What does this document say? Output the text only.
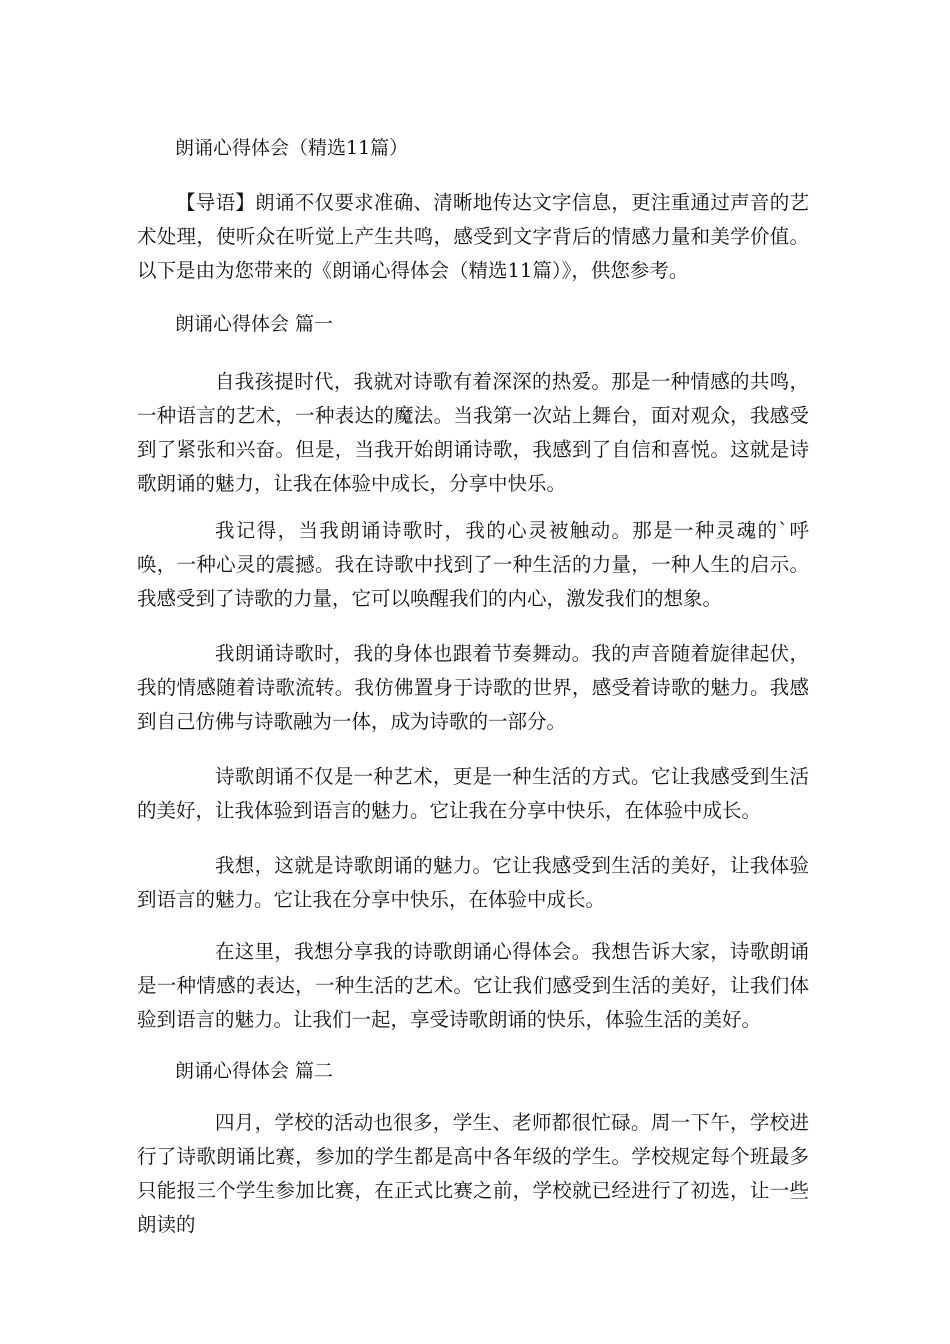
朗诵心得体会（精选11篇）
【导语】朗诵不仅要求准确、清晰地传达文字信息，更注重通过声音的艺术处理，使听众在听觉上产生共鸣，感受到文字背后的情感力量和美学价值。以下是由为您带来的《朗诵心得体会（精选11篇）》，供您参考。
朗诵心得体会 篇一
自我孩提时代，我就对诗歌有着深深的热爱。那是一种情感的共鸣，一种语言的艺术，一种表达的魔法。当我第一次站上舞台，面对观众，我感受到了紧张和兴奋。但是，当我开始朗诵诗歌，我感到了自信和喜悦。这就是诗歌朗诵的魅力，让我在体验中成长，分享中快乐。
我记得，当我朗诵诗歌时，我的心灵被触动。那是一种灵魂的`呼唤，一种心灵的震撼。我在诗歌中找到了一种生活的力量，一种人生的启示。我感受到了诗歌的力量，它可以唤醒我们的内心，激发我们的想象。
我朗诵诗歌时，我的身体也跟着节奏舞动。我的声音随着旋律起伏，我的情感随着诗歌流转。我仿佛置身于诗歌的世界，感受着诗歌的魅力。我感到自己仿佛与诗歌融为一体，成为诗歌的一部分。
诗歌朗诵不仅是一种艺术，更是一种生活的方式。它让我感受到生活的美好，让我体验到语言的魅力。它让我在分享中快乐，在体验中成长。
我想，这就是诗歌朗诵的魅力。它让我感受到生活的美好，让我体验到语言的魅力。它让我在分享中快乐，在体验中成长。
在这里，我想分享我的诗歌朗诵心得体会。我想告诉大家，诗歌朗诵是一种情感的表达，一种生活的艺术。它让我们感受到生活的美好，让我们体验到语言的魅力。让我们一起，享受诗歌朗诵的快乐，体验生活的美好。
朗诵心得体会 篇二
四月，学校的活动也很多，学生、老师都很忙碌。周一下午，学校进行了诗歌朗诵比赛，参加的学生都是高中各年级的学生。学校规定每个班最多只能报三个学生参加比赛，在正式比赛之前，学校就已经进行了初选，让一些朗读的
